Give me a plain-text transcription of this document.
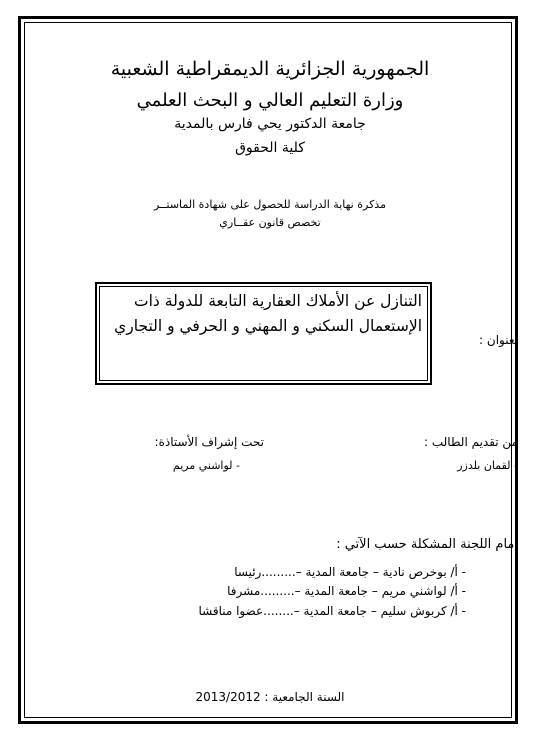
الجمهورية الجزائرية الديمقراطية الشعبية
وزارة التعليم العالي و البحث العلمي
جامعة الدكتور يحي فارس بالمدية
كلية الحقوق
مذكرة نهاية الدراسة للحصول على شهادة الماستــر
تخصص قانون عقــاري
بعنوان :
التنازل عن الأملاك العقارية التابعة للدولة ذات الإستعمال السكني و المهني و الحرفي و التجاري
من تقديم الطالب :
- لقمان بلدزر
تحت إشراف الأستاذة:
- لواشني مريم
أمام اللجنة المشكلة حسب الآتي :
- أ/ بوخرص نادية – جامعة المدية –.........رئيسا
- أ/ لواشني مريم – جامعة المدية –.........مشرفا
- أ/ كربوش سليم – جامعة المدية –........عضوا مناقشا
السنة الجامعية : 2013/2012
